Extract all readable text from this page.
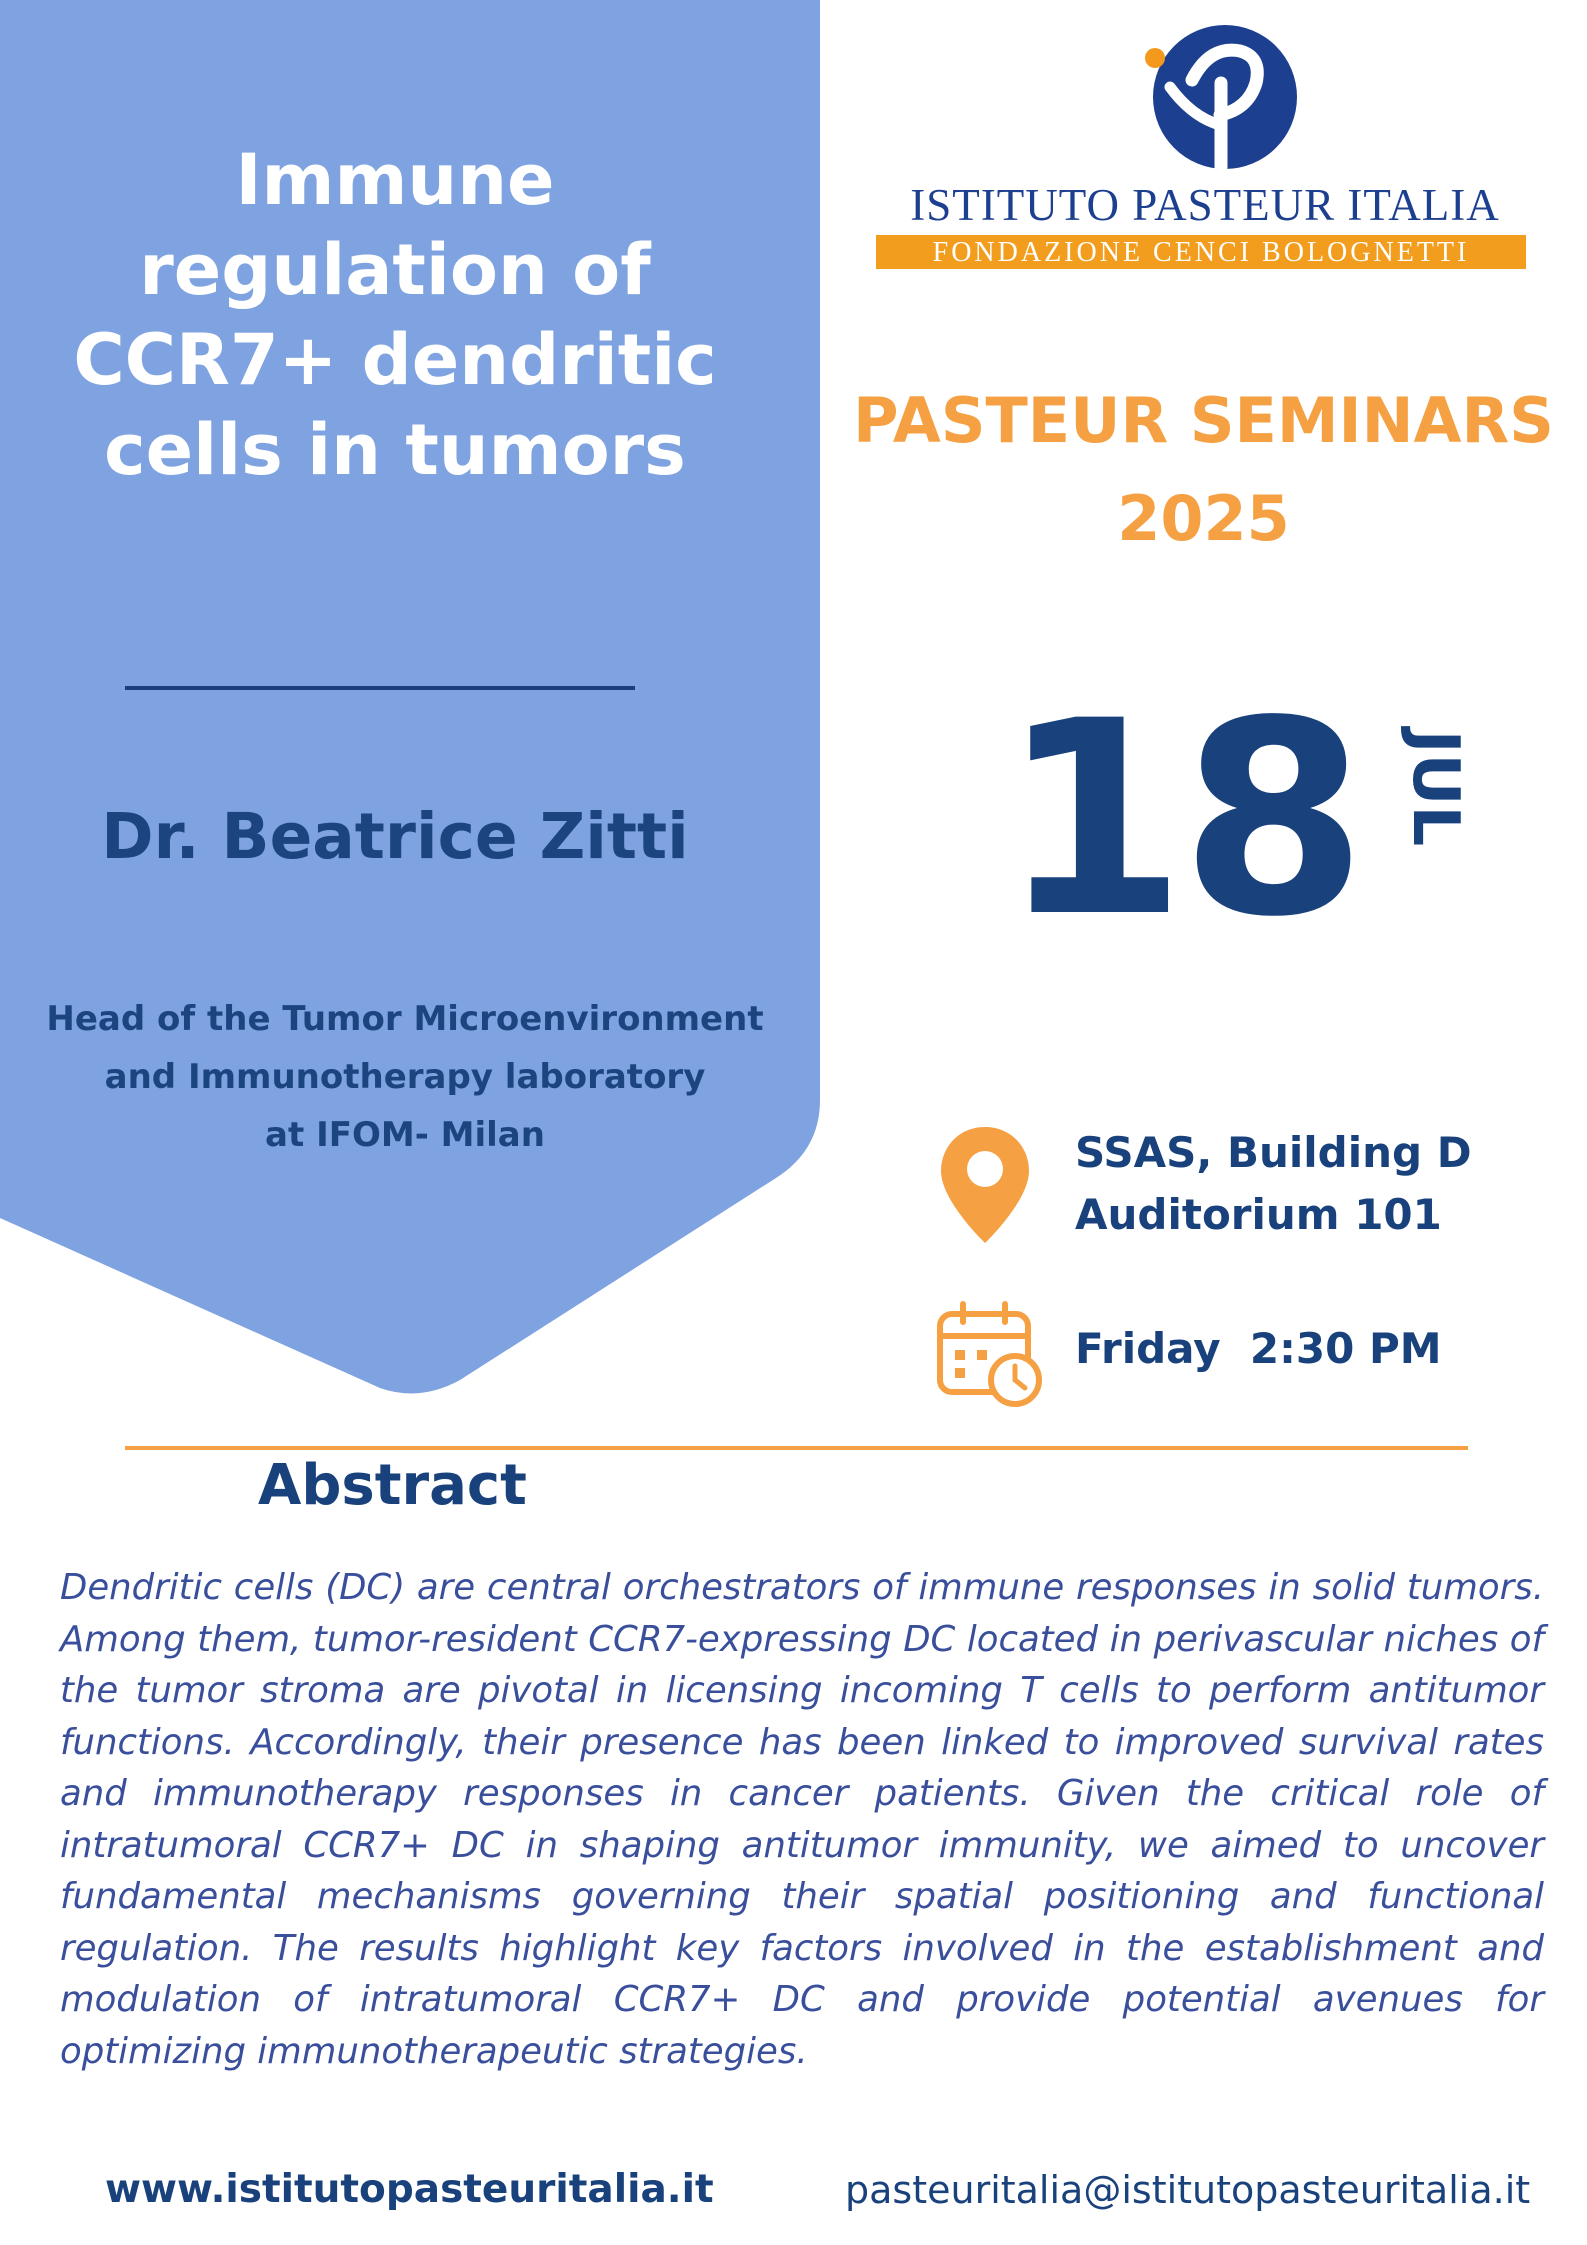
Immune
regulation of
CCR7+ dendritic
cells in tumors
Dr. Beatrice Zitti
Head of the Tumor Microenvironment
and Immunotherapy laboratory
at IFOM- Milan
ISTITUTO PASTEUR ITALIA
FONDAZIONE CENCI BOLOGNETTI
PASTEUR SEMINARS
2025
18 JUL
SSAS, Building D
Auditorium 101
Friday  2:30 PM
Abstract
Dendritic cells (DC) are central orchestrators of immune responses in solid tumors. Among them, tumor-resident CCR7-expressing DC located in perivascular niches of the tumor stroma are pivotal in licensing incoming T cells to perform antitumor functions. Accordingly, their presence has been linked to improved survival rates and immunotherapy responses in cancer patients. Given the critical role of intratumoral CCR7+ DC in shaping antitumor immunity, we aimed to uncover fundamental mechanisms governing their spatial positioning and functional regulation. The results highlight key factors involved in the establishment and modulation of intratumoral CCR7+ DC and provide potential avenues for optimizing immunotherapeutic strategies.
www.istitutopasteuritalia.it	pasteuritalia@istitutopasteuritalia.it
